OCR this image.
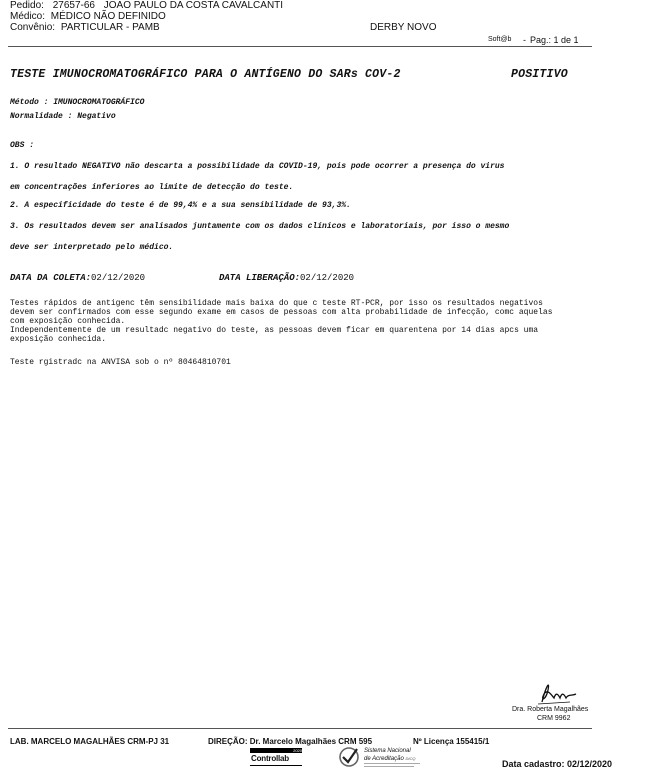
Pedido: 27657-66 JOAO PAULO DA COSTA CAVALCANTI
Médico: MÉDICO NÃO DEFINIDO
Convênio: PARTICULAR - PAMB	DERBY NOVO
Soft@b - Pag.: 1 de 1
TESTE IMUNOCROMATOGRÁFICO PARA O ANTÍGENO DO SARs COV-2	POSITIVO
Método : IMUNOCROMATOGRÁFICO
Normalidade : Negativo
OBS :
1. O resultado NEGATIVO não descarta a possibilidade da COVID-19, pois pode ocorrer a presença do virus
em concentrações inferiores ao limite de detecção do teste.
2. A especificidade do teste é de 99,4% e a sua sensibilidade de 93,3%.
3. Os resultados devem ser analisados juntamente com os dados clínicos e laboratoriais, por isso o mesmo
deve ser interpretado pelo médico.
DATA DA COLETA:02/12/2020	DATA LIBERAÇÃO:02/12/2020
Testes rápidos de antigenc têm sensibilidade mais baixa do que c teste RT-PCR, por isso os resultados negativos
devem ser confirmados com esse segundo exame em casos de pessoas com alta probabilidade de infecção, comc aquelas
com exposição conhecida.
Independentemente de um resultadc negativo do teste, as pessoas devem ficar em quarentena por 14 dias apcs uma
exposição conhecida.
Teste rgistradc na ANVISA sob o nº 80464810701
Dra. Roberta Magalhães
CRM 9962
LAB. MARCELO MAGALHÃES CRM-PJ 31	DIREÇÃO: Dr. Marcelo Magalhães CRM 595	Nº Licença 155415/1
2020
Controllab
Sistema Nacional
de Acreditação DICQ
Data cadastro: 02/12/2020
